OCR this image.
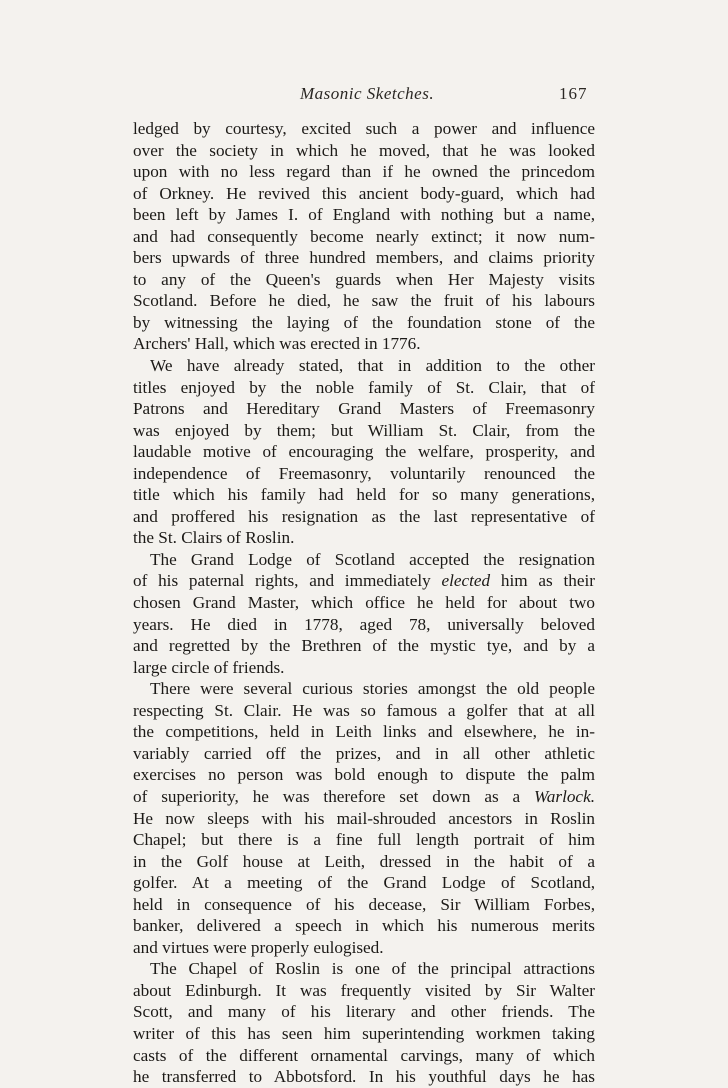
Masonic Sketches.	167
ledged by courtesy, excited such a power and influence
over the society in which he moved, that he was looked
upon with no less regard than if he owned the princedom
of Orkney. He revived this ancient body-guard, which had
been left by James I. of England with nothing but a name,
and had consequently become nearly extinct; it now num-
bers upwards of three hundred members, and claims priority
to any of the Queen's guards when Her Majesty visits
Scotland. Before he died, he saw the fruit of his labours
by witnessing the laying of the foundation stone of the
Archers' Hall, which was erected in 1776.
We have already stated, that in addition to the other
titles enjoyed by the noble family of St. Clair, that of
Patrons and Hereditary Grand Masters of Freemasonry
was enjoyed by them; but William St. Clair, from the
laudable motive of encouraging the welfare, prosperity, and
independence of Freemasonry, voluntarily renounced the
title which his family had held for so many generations,
and proffered his resignation as the last representative of
the St. Clairs of Roslin.
The Grand Lodge of Scotland accepted the resignation
of his paternal rights, and immediately elected him as their
chosen Grand Master, which office he held for about two
years. He died in 1778, aged 78, universally beloved
and regretted by the Brethren of the mystic tye, and by a
large circle of friends.
There were several curious stories amongst the old people
respecting St. Clair. He was so famous a golfer that at all
the competitions, held in Leith links and elsewhere, he in-
variably carried off the prizes, and in all other athletic
exercises no person was bold enough to dispute the palm
of superiority, he was therefore set down as a Warlock.
He now sleeps with his mail-shrouded ancestors in Roslin
Chapel; but there is a fine full length portrait of him
in the Golf house at Leith, dressed in the habit of a
golfer. At a meeting of the Grand Lodge of Scotland,
held in consequence of his decease, Sir William Forbes,
banker, delivered a speech in which his numerous merits
and virtues were properly eulogised.
The Chapel of Roslin is one of the principal attractions
about Edinburgh. It was frequently visited by Sir Walter
Scott, and many of his literary and other friends. The
writer of this has seen him superintending workmen taking
casts of the different ornamental carvings, many of which
he transferred to Abbotsford. In his youthful days he has
